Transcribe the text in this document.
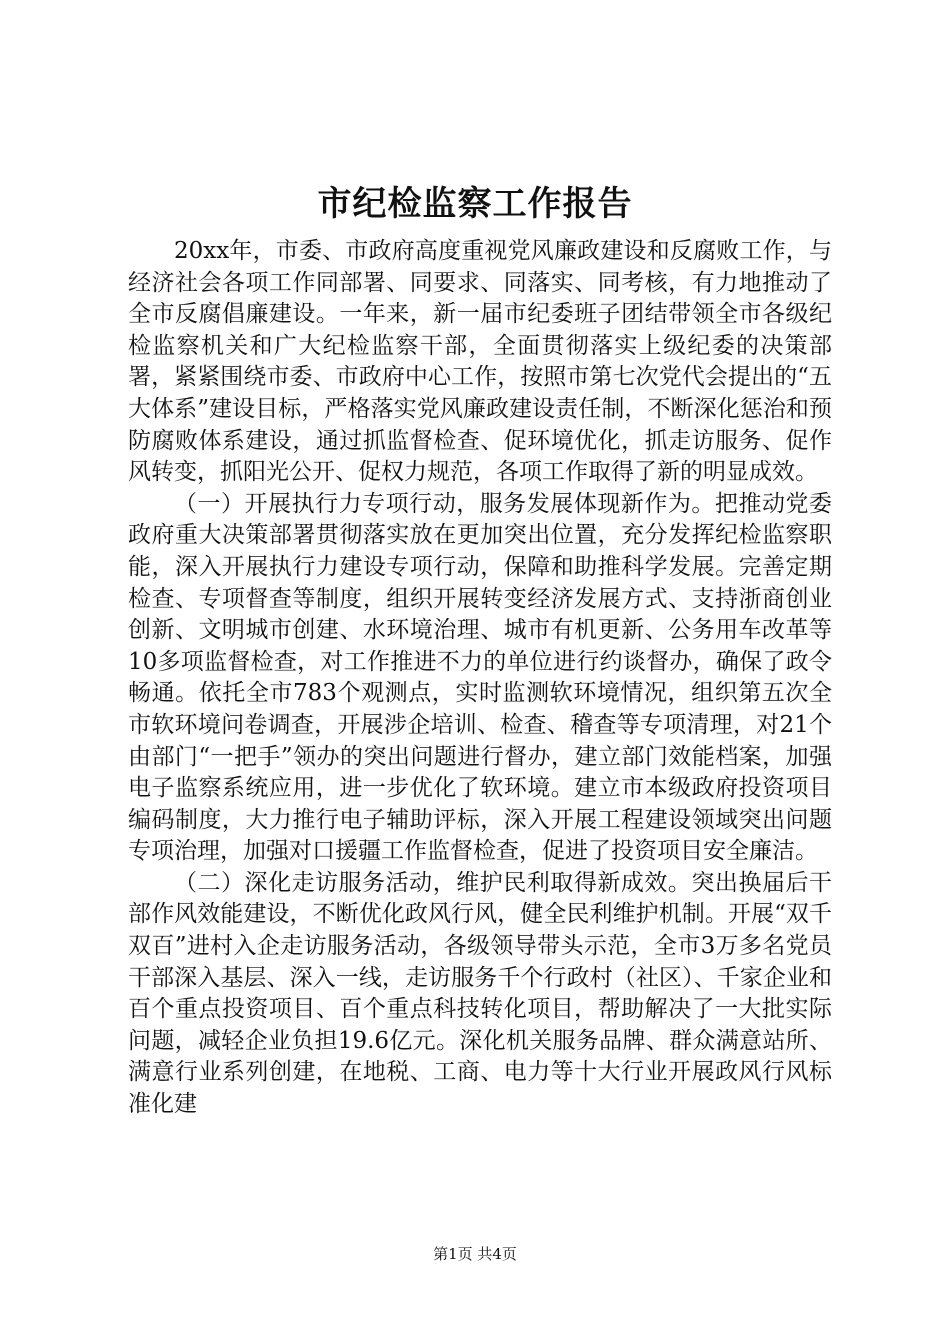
市纪检监察工作报告

20xx年，市委、市政府高度重视党风廉政建设和反腐败工作，与经济社会各项工作同部署、同要求、同落实、同考核，有力地推动了全市反腐倡廉建设。一年来，新一届市纪委班子团结带领全市各级纪检监察机关和广大纪检监察干部，全面贯彻落实上级纪委的决策部署，紧紧围绕市委、市政府中心工作，按照市第七次党代会提出的“五大体系”建设目标，严格落实党风廉政建设责任制，不断深化惩治和预防腐败体系建设，通过抓监督检查、促环境优化，抓走访服务、促作风转变，抓阳光公开、促权力规范，各项工作取得了新的明显成效。

（一）开展执行力专项行动，服务发展体现新作为。把推动党委政府重大决策部署贯彻落实放在更加突出位置，充分发挥纪检监察职能，深入开展执行力建设专项行动，保障和助推科学发展。完善定期检查、专项督查等制度，组织开展转变经济发展方式、支持浙商创业创新、文明城市创建、水环境治理、城市有机更新、公务用车改革等10多项监督检查，对工作推进不力的单位进行约谈督办，确保了政令畅通。依托全市783个观测点，实时监测软环境情况，组织第五次全市软环境问卷调查，开展涉企培训、检查、稽查等专项清理，对21个由部门“一把手”领办的突出问题进行督办，建立部门效能档案，加强电子监察系统应用，进一步优化了软环境。建立市本级政府投资项目编码制度，大力推行电子辅助评标，深入开展工程建设领域突出问题专项治理，加强对口援疆工作监督检查，促进了投资项目安全廉洁。

（二）深化走访服务活动，维护民利取得新成效。突出换届后干部作风效能建设，不断优化政风行风，健全民利维护机制。开展“双千双百”进村入企走访服务活动，各级领导带头示范，全市3万多名党员干部深入基层、深入一线，走访服务千个行政村（社区）、千家企业和百个重点投资项目、百个重点科技转化项目，帮助解决了一大批实际问题，减轻企业负担19.6亿元。深化机关服务品牌、群众满意站所、满意行业系列创建，在地税、工商、电力等十大行业开展政风行风标准化建

第1页 共4页
